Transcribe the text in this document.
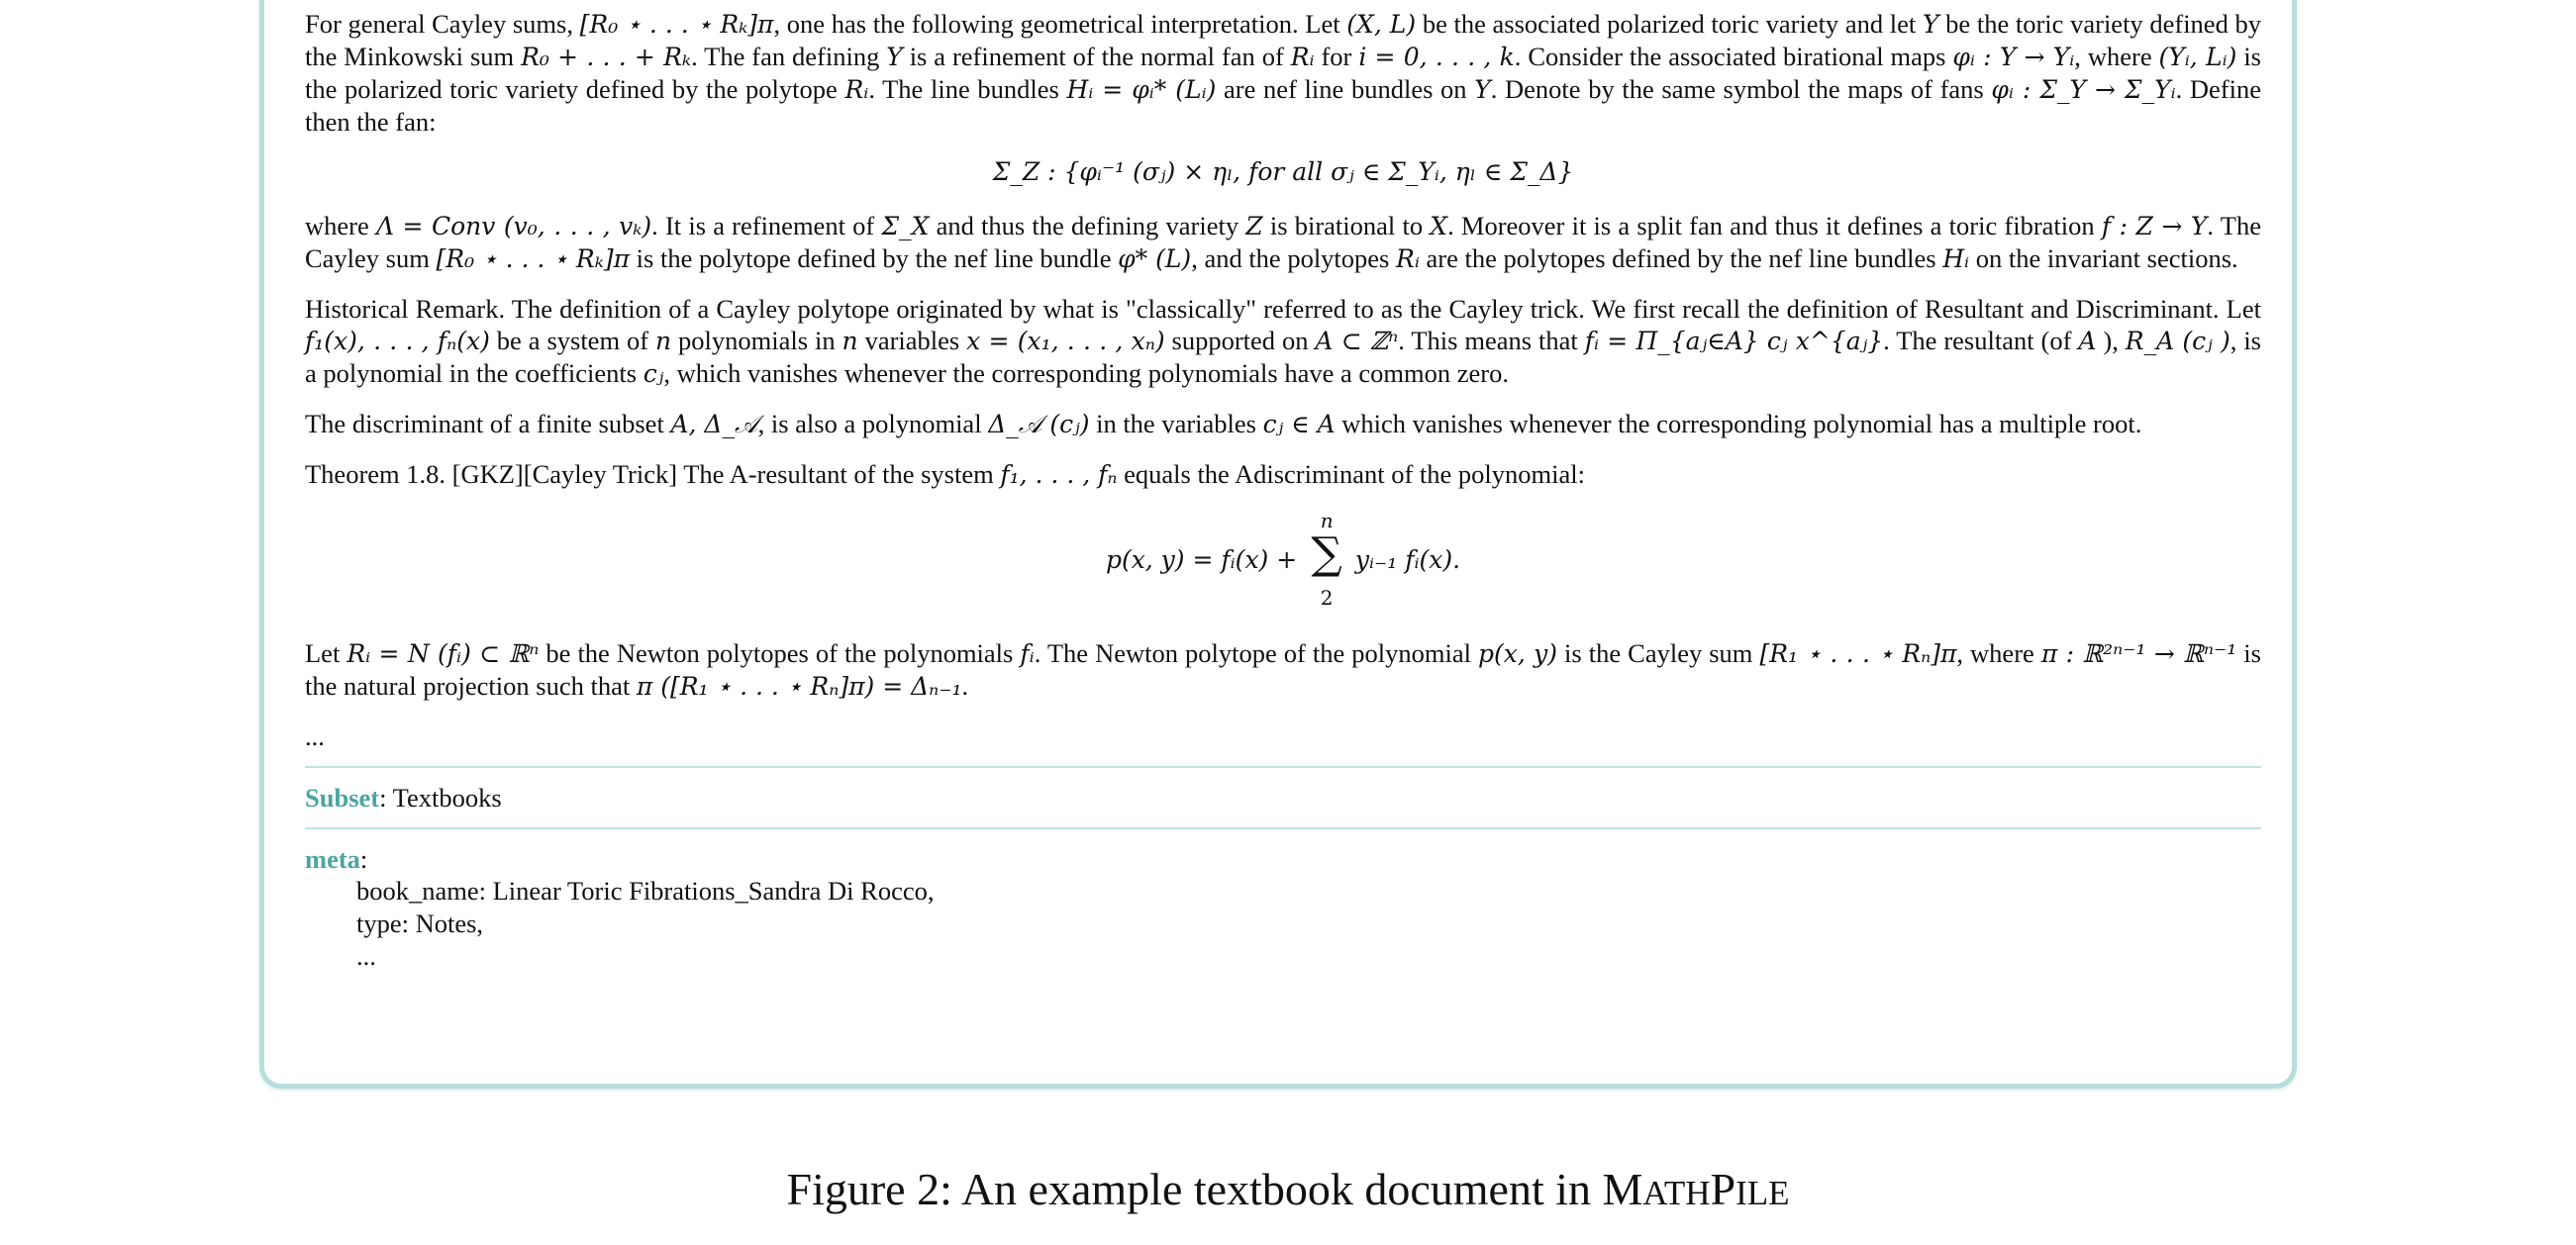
For general Cayley sums, [R₀ ⋆ . . . ⋆ Rₖ]π, one has the following geometrical interpretation. Let (X, L) be the associated polarized toric variety and let Y be the toric variety defined by the Minkowski sum R₀ + . . . + Rₖ. The fan defining Y is a refinement of the normal fan of Rᵢ for i = 0, . . . , k. Consider the associated birational maps φᵢ : Y → Yᵢ, where (Yᵢ, Lᵢ) is the polarized toric variety defined by the polytope Rᵢ. The line bundles Hᵢ = φᵢ* (Lᵢ) are nef line bundles on Y. Denote by the same symbol the maps of fans φᵢ : Σ_Y → Σ_Yᵢ. Define then the fan:

Σ_Z : {φᵢ⁻¹ (σⱼ) × ηₗ, for all σⱼ ∈ Σ_Yᵢ, ηₗ ∈ Σ_Δ}

where Λ = Conv (v₀, . . . , vₖ). It is a refinement of Σ_X and thus the defining variety Z is birational to X. Moreover it is a split fan and thus it defines a toric fibration f : Z → Y. The Cayley sum [R₀ ⋆ . . . ⋆ Rₖ]π is the polytope defined by the nef line bundle φ* (L), and the polytopes Rᵢ are the polytopes defined by the nef line bundles Hᵢ on the invariant sections.

Historical Remark. The definition of a Cayley polytope originated by what is "classically" referred to as the Cayley trick. We first recall the definition of Resultant and Discriminant. Let f₁(x), . . . , fₙ(x) be a system of n polynomials in n variables x = (x₁, . . . , xₙ) supported on A ⊂ ℤⁿ. This means that fᵢ = Π_{aⱼ∈A} cⱼ x^{aⱼ}. The resultant (of A ), R_A (cⱼ ), is a polynomial in the coefficients cⱼ, which vanishes whenever the corresponding polynomials have a common zero.

The discriminant of a finite subset A, Δ_𝒜, is also a polynomial Δ_𝒜 (cⱼ) in the variables cⱼ ∈ A which vanishes whenever the corresponding polynomial has a multiple root.

Theorem 1.8. [GKZ][Cayley Trick] The A-resultant of the system f₁, . . . , fₙ equals the Adiscriminant of the polynomial:

p(x, y) = fᵢ(x) +
n
∑
2
yᵢ₋₁ fᵢ(x).

Let Rᵢ = N (fᵢ) ⊂ ℝⁿ be the Newton polytopes of the polynomials fᵢ. The Newton polytope of the polynomial p(x, y) is the Cayley sum [R₁ ⋆ . . . ⋆ Rₙ]π, where π : ℝ²ⁿ⁻¹ → ℝⁿ⁻¹ is the natural projection such that π ([R₁ ⋆ . . . ⋆ Rₙ]π) = Δₙ₋₁.

...
Subset: Textbooks
meta:
book_name: Linear Toric Fibrations_Sandra Di Rocco,
type: Notes,
...
Figure 2: An example textbook document in MATHPILE
